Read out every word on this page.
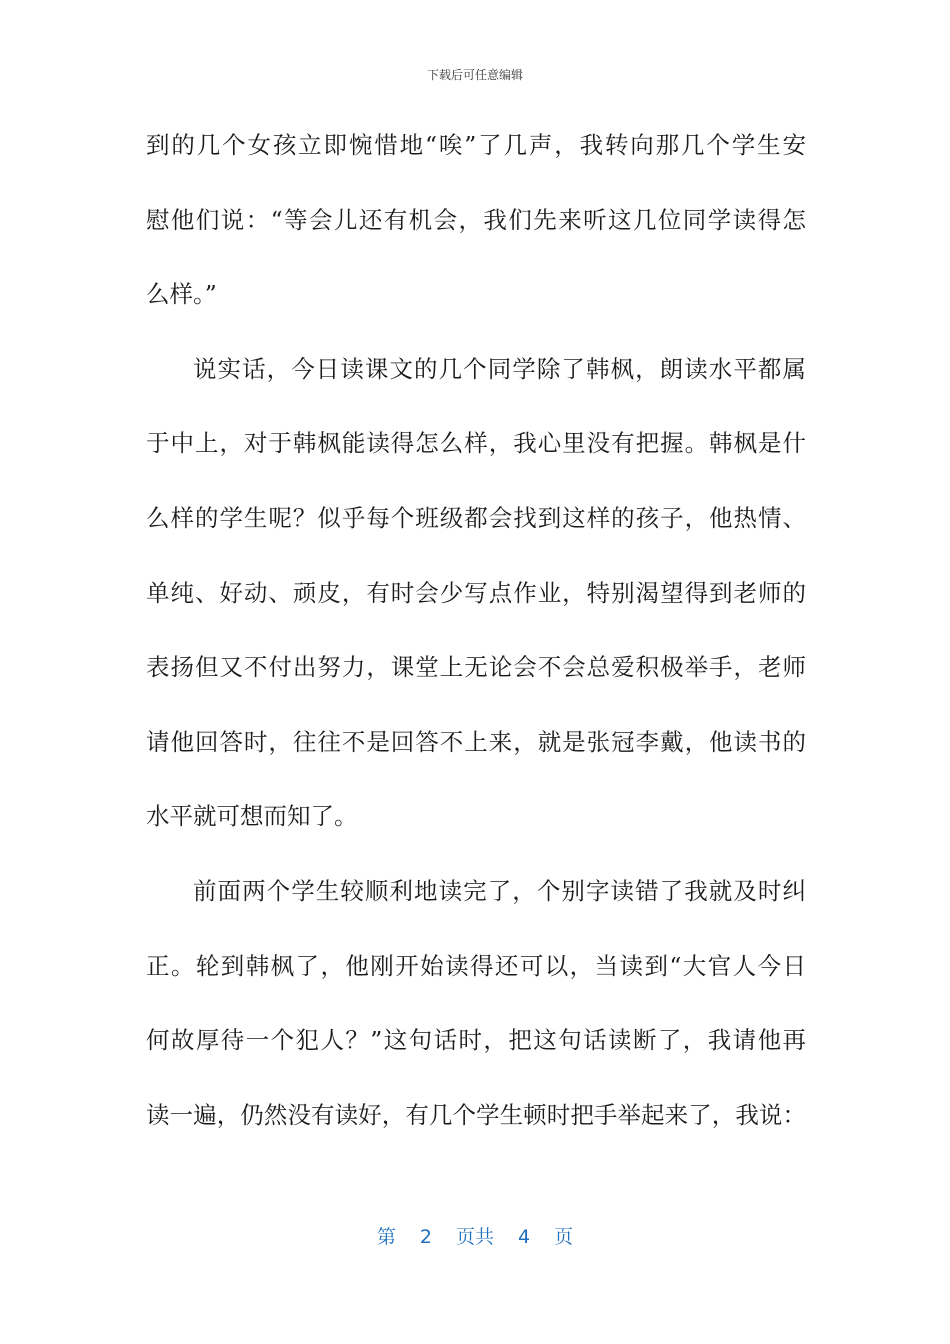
下载后可任意编辑
到的几个女孩立即惋惜地“唉”了几声，我转向那几个学生安
慰他们说：“等会儿还有机会，我们先来听这几位同学读得怎
么样。”
说实话，今日读课文的几个同学除了韩枫，朗读水平都属
于中上，对于韩枫能读得怎么样，我心里没有把握。韩枫是什
么样的学生呢？似乎每个班级都会找到这样的孩子，他热情、
单纯、好动、顽皮，有时会少写点作业，特别渴望得到老师的
表扬但又不付出努力，课堂上无论会不会总爱积极举手，老师
请他回答时，往往不是回答不上来，就是张冠李戴，他读书的
水平就可想而知了。
前面两个学生较顺利地读完了，个别字读错了我就及时纠
正。轮到韩枫了，他刚开始读得还可以，当读到“大官人今日
何故厚待一个犯人？”这句话时，把这句话读断了，我请他再
读一遍，仍然没有读好，有几个学生顿时把手举起来了，我说：
第 2 页共 4 页
